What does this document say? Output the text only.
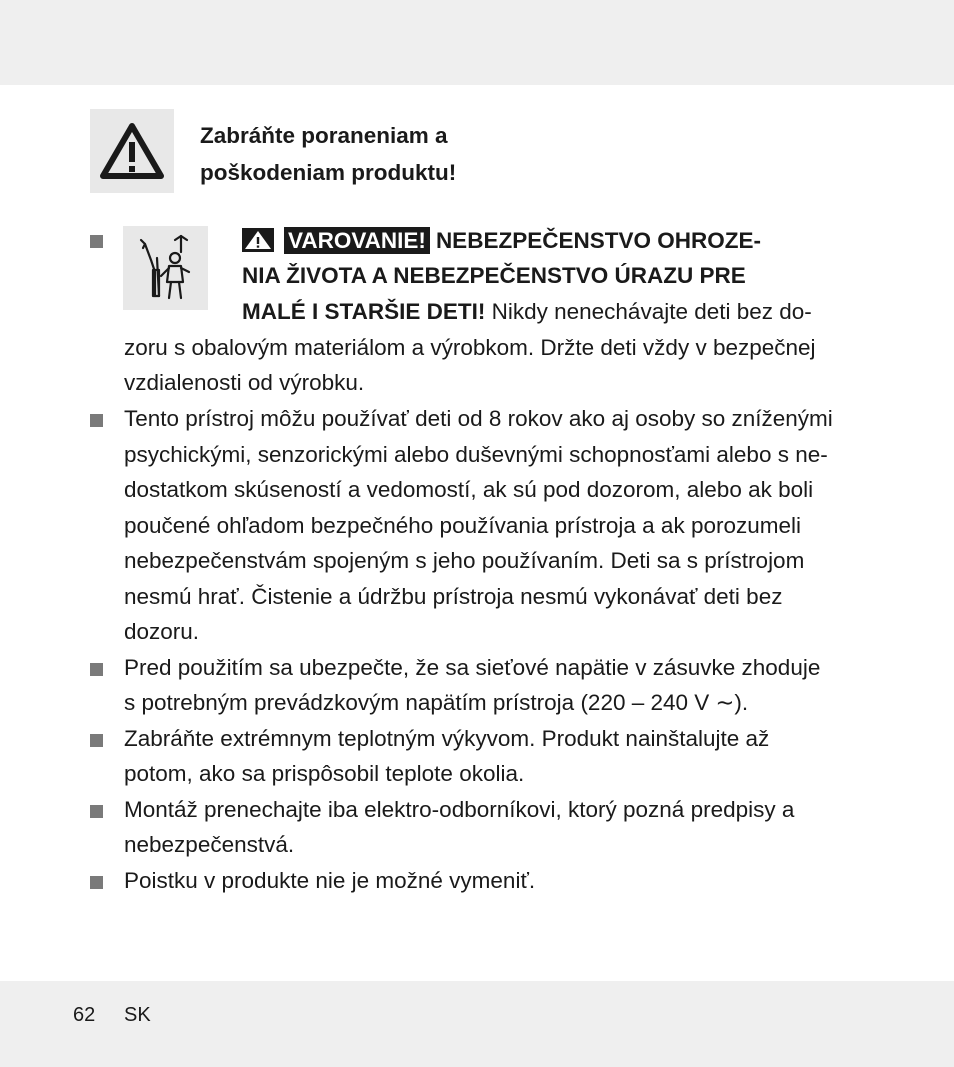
Zabráňte poraneniam a
poškodeniam produktu!
VAROVANIE! NEBEZPEČENSTVO OHROZE-
NIA ŽIVOTA A NEBEZPEČENSTVO ÚRAZU PRE
MALÉ I STARŠIE DETI! Nikdy nenechávajte deti bez do-
zoru s obalovým materiálom a výrobkom. Držte deti vždy v bezpečnej
vzdialenosti od výrobku.
Tento prístroj môžu používať deti od 8 rokov ako aj osoby so zníženými
psychickými, senzorickými alebo duševnými schopnosťami alebo s ne-
dostatkom skúseností a vedomostí, ak sú pod dozorom, alebo ak boli
poučené ohľadom bezpečného používania prístroja a ak porozumeli
nebezpečenstvám spojeným s jeho používaním. Deti sa s prístrojom
nesmú hrať. Čistenie a údržbu prístroja nesmú vykonávať deti bez
dozoru.
Pred použitím sa ubezpečte, že sa sieťové napätie v zásuvke zhoduje
s potrebným prevádzkovým napätím prístroja (220 – 240 V ∼).
Zabráňte extrémnym teplotným výkyvom. Produkt nainštalujte až
potom, ako sa prispôsobil teplote okolia.
Montáž prenechajte iba elektro-odborníkovi, ktorý pozná predpisy a
nebezpečenstvá.
Poistku v produkte nie je možné vymeniť.
62 SK
